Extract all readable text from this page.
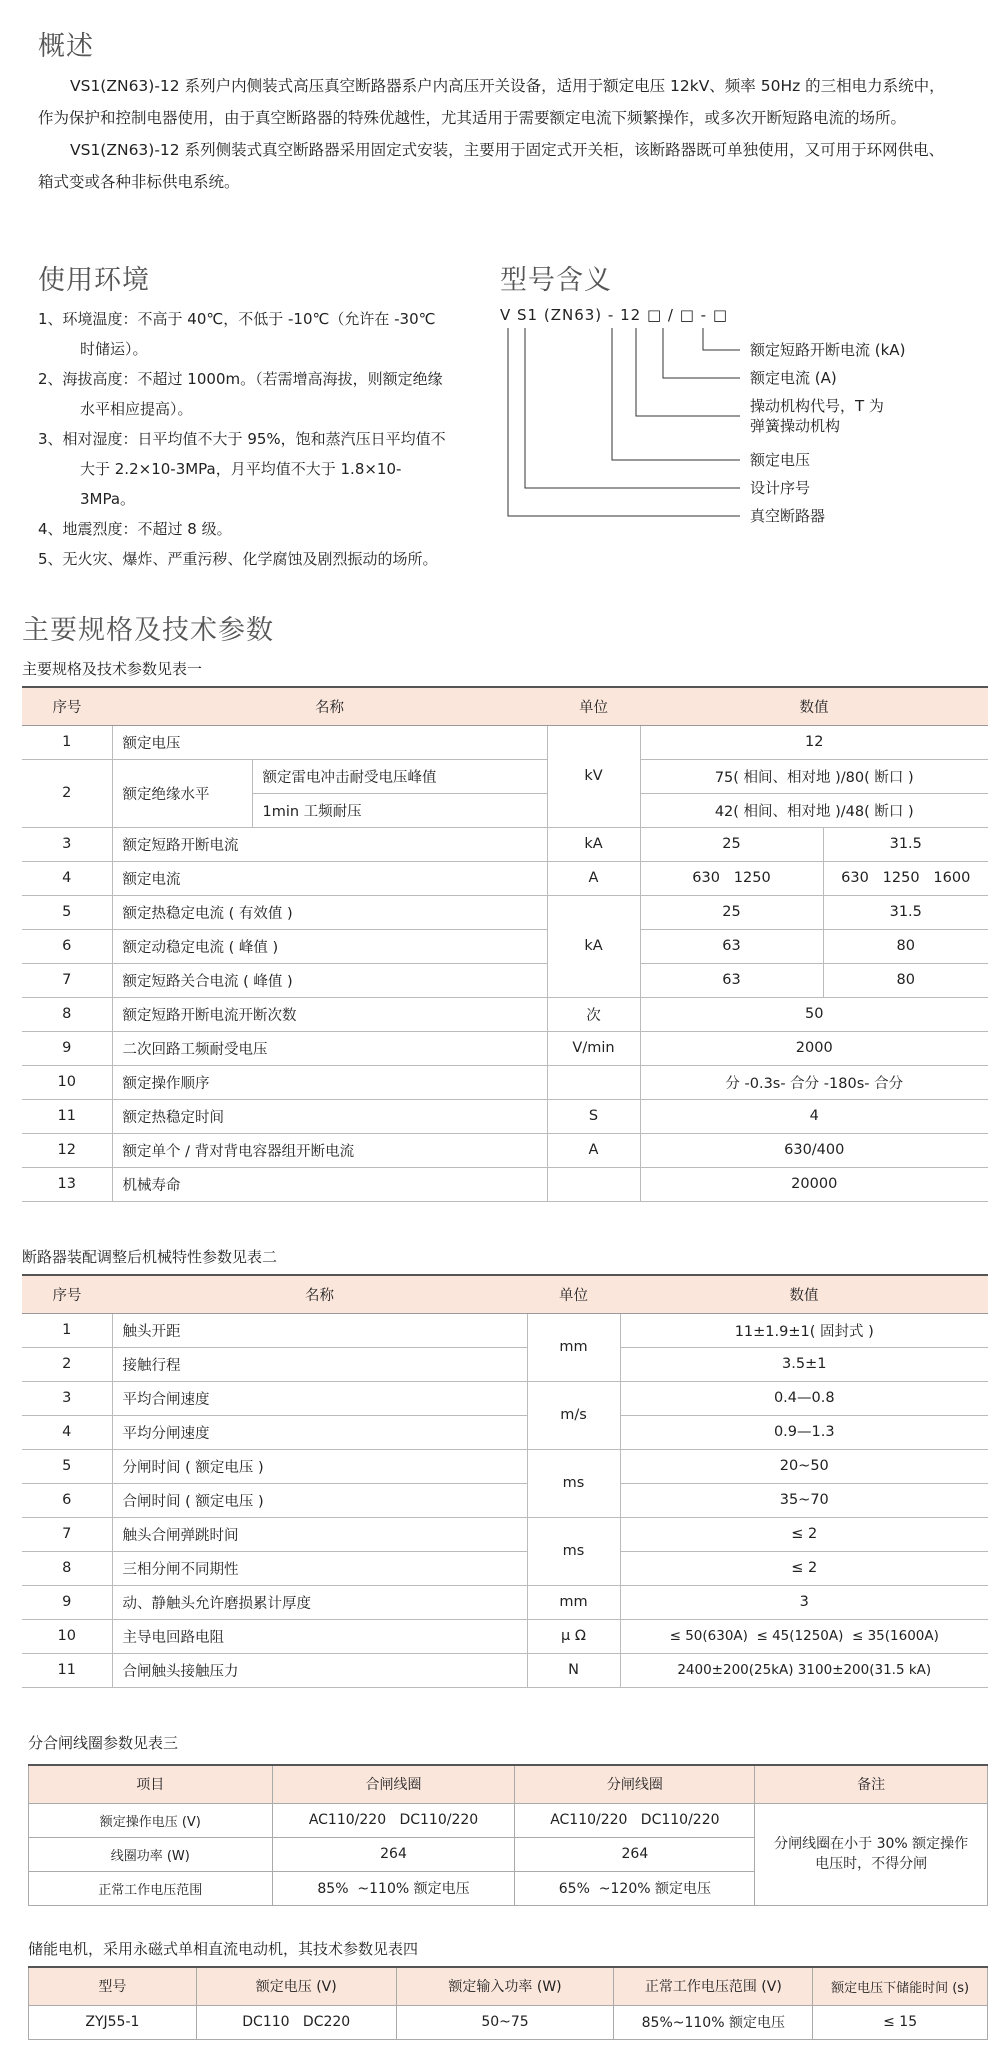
概述

VS1(ZN63)-12 系列户内侧装式高压真空断路器系户内高压开关设备，适用于额定电压 12kV、频率 50Hz 的三相电力系统中，作为保护和控制电器使用，由于真空断路器的特殊优越性，尤其适用于需要额定电流下频繁操作，或多次开断短路电流的场所。

VS1(ZN63)-12 系列侧装式真空断路器采用固定式安装，主要用于固定式开关柜，该断路器既可单独使用，又可用于环网供电、箱式变或各种非标供电系统。

使用环境
1、环境温度：不高于 40℃，不低于 -10℃（允许在 -30℃时储运）。
2、海拔高度：不超过 1000m。（若需增高海拔，则额定绝缘水平相应提高）。
3、相对湿度：日平均值不大于 95%，饱和蒸汽压日平均值不大于 2.2×10-3MPa，月平均值不大于 1.8×10-3MPa。
4、地震烈度：不超过 8 级。
5、无火灾、爆炸、严重污秽、化学腐蚀及剧烈振动的场所。
型号含义
V S1 (ZN63) - 12 □ / □ - □
额定短路开断电流 (kA)
额定电流 (A)
操动机构代号，T 为
弹簧操动机构
额定电压
设计序号
真空断路器
主要规格及技术参数
主要规格及技术参数见表一
序号	名称		单位	数值	
1	额定电压		kV	12	
2	额定绝缘水平	额定雷电冲击耐受电压峰值		75( 相间、相对地 )/80( 断口 )	
		1min 工频耐压		42( 相间、相对地 )/48( 断口 )	
3	额定短路开断电流		kA	25	31.5
4	额定电流		A	630   1250	630   1250   1600
5	额定热稳定电流 ( 有效值 )		kA	25	31.5
6	额定动稳定电流 ( 峰值 )			63	80
7	额定短路关合电流 ( 峰值 )			63	80
8	额定短路开断电流开断次数		次	50	
9	二次回路工频耐受电压		V/min	2000	
10	额定操作顺序			分 -0.3s- 合分 -180s- 合分	
11	额定热稳定时间		S	4	
12	额定单个 / 背对背电容器组开断电流		A	630/400	
13	机械寿命			20000	
断路器装配调整后机械特性参数见表二
序号	名称	单位	数值
1	触头开距	mm	11±1.9±1( 固封式 )
2	接触行程		3.5±1
3	平均合闸速度	m/s	0.4—0.8
4	平均分闸速度		0.9—1.3
5	分闸时间 ( 额定电压 )	ms	20~50
6	合闸时间 ( 额定电压 )		35~70
7	触头合闸弹跳时间	ms	≤ 2
8	三相分闸不同期性		≤ 2
9	动、静触头允许磨损累计厚度	mm	3
10	主导电回路电阻	μ Ω	≤ 50(630A)  ≤ 45(1250A)  ≤ 35(1600A)
11	合闸触头接触压力	N	2400±200(25kA) 3100±200(31.5 kA)
分合闸线圈参数见表三
项目	合闸线圈	分闸线圈	备注
额定操作电压 (V)	AC110/220   DC110/220	AC110/220   DC110/220	分闸线圈在小于 30% 额定操作电压时，不得分闸
线圈功率 (W)	264	264	
正常工作电压范围	85%  ~110% 额定电压	65%  ~120% 额定电压	
储能电机，采用永磁式单相直流电动机，其技术参数见表四
型号	额定电压 (V)	额定输入功率 (W)	正常工作电压范围 (V)	额定电压下储能时间 (s)
ZYJ55-1	DC110   DC220	50~75	85%~110% 额定电压	≤ 15
